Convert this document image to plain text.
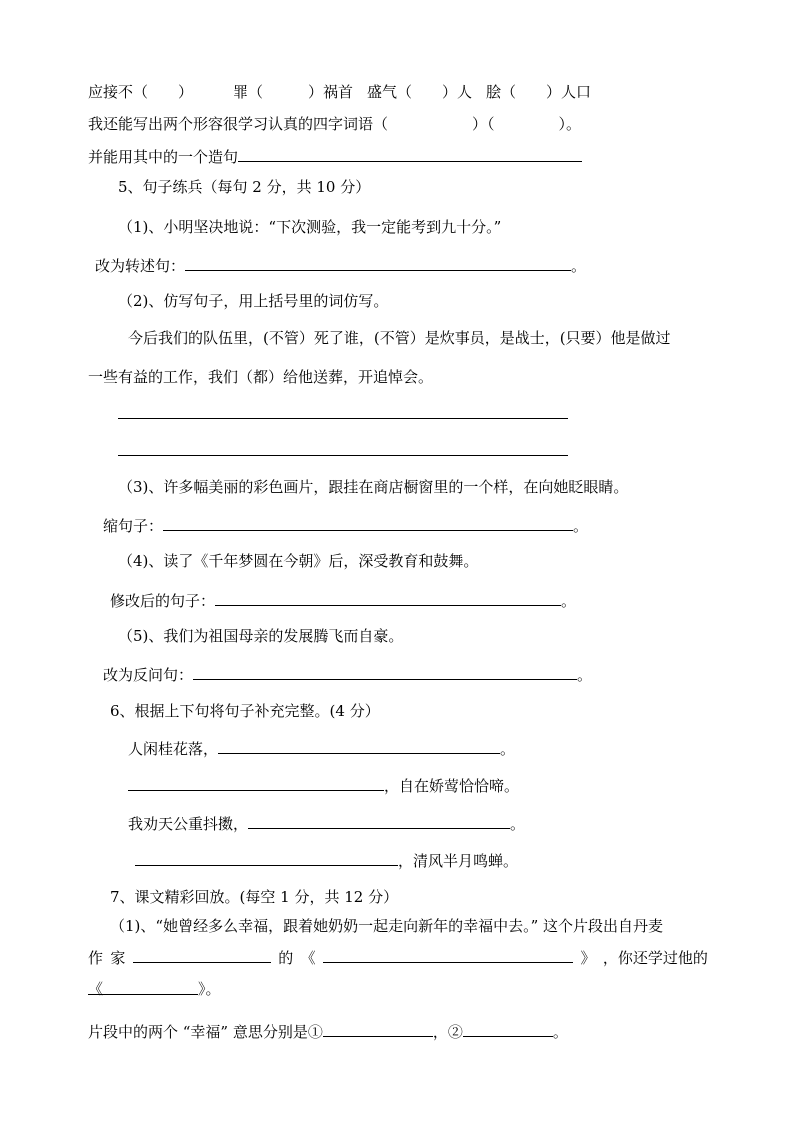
应接不（　　）	罪（　　　）祸首 盛气（　　）人 脍（　　）人口
我还能写出两个形容很学习认真的四字词语（	）（	）。
并能用其中的一个造句
5、句子练兵（每句 2 分，共 10 分）
（1)、小明坚决地说：“下次测验，我一定能考到九十分。”
改为转述句：	。
（2)、仿写句子，用上括号里的词仿写。
今后我们的队伍里，(不管）死了谁，(不管）是炊事员，是战士，(只要）他是做过
一些有益的工作，我们（都）给他送葬，开追悼会。
（3)、许多幅美丽的彩色画片，跟挂在商店橱窗里的一个样，在向她眨眼睛。
缩句子：	。
（4)、读了《千年梦圆在今朝》后，深受教育和鼓舞。
修改后的句子：	。
（5)、我们为祖国母亲的发展腾飞而自豪。
改为反问句：	。
6、根据上下句将句子补充完整。(4 分）
人闲桂花落，	。
，自在娇莺恰恰啼。
我劝天公重抖擞，	。
，清风半月鸣蝉。
7、课文精彩回放。(每空 1 分，共 12 分）
（1)、“她曾经多么幸福，跟着她奶奶一起走向新年的幸福中去。” 这个片段出自丹麦
作 家	的 《	》 ，你还学过他的
《	》。
片段中的两个 “幸福” 意思分别是①	，②	。
